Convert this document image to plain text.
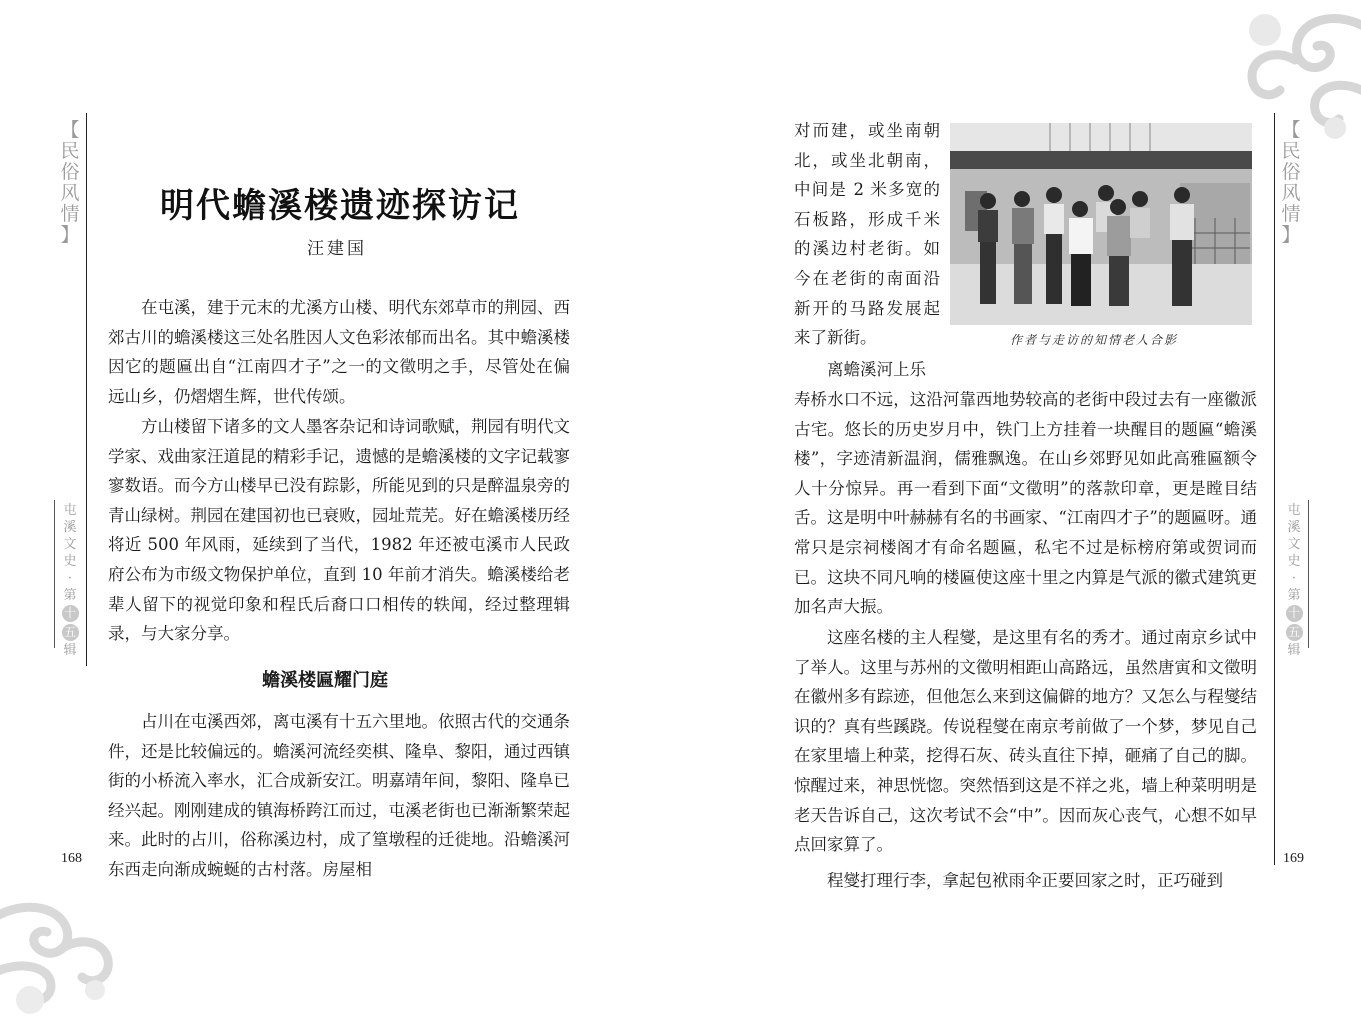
【
民
俗
风
情
】
屯
溪
文
史
·
第
十 五
辑
明代蟾溪楼遗迹探访记
汪建国

在屯溪，建于元末的尤溪方山楼、明代东郊草市的荆园、西郊古川的蟾溪楼这三处名胜因人文色彩浓郁而出名。其中蟾溪楼因它的题匾出自“江南四才子”之一的文徵明之手，尽管处在偏远山乡，仍熠熠生辉，世代传颂。

方山楼留下诸多的文人墨客杂记和诗词歌赋，荆园有明代文学家、戏曲家汪道昆的精彩手记，遗憾的是蟾溪楼的文字记载寥寥数语。而今方山楼早已没有踪影，所能见到的只是醉温泉旁的青山绿树。荆园在建国初也已衰败，园址荒芜。好在蟾溪楼历经将近 500 年风雨，延续到了当代，1982 年还被屯溪市人民政府公布为市级文物保护单位，直到 10 年前才消失。蟾溪楼给老辈人留下的视觉印象和程氏后裔口口相传的轶闻，经过整理辑录，与大家分享。

蟾溪楼匾耀门庭

占川在屯溪西郊，离屯溪有十五六里地。依照古代的交通条件，还是比较偏远的。蟾溪河流经奕棋、隆阜、黎阳，通过西镇街的小桥流入率水，汇合成新安江。明嘉靖年间，黎阳、隆阜已经兴起。刚刚建成的镇海桥跨江而过，屯溪老街也已渐渐繁荣起来。此时的占川，俗称溪边村，成了篁墩程的迁徙地。沿蟾溪河东西走向渐成蜿蜒的古村落。房屋相

168
作者与走访的知情老人合影

对而建，或坐南朝北，或坐北朝南，中间是 2 米多宽的石板路，形成千米的溪边村老街。如今在老街的南面沿新开的马路发展起来了新街。

离蟾溪河上乐

寿桥水口不远，这沿河靠西地势较高的老街中段过去有一座徽派古宅。悠长的历史岁月中，铁门上方挂着一块醒目的题匾“蟾溪楼”，字迹清新温润，儒雅飘逸。在山乡郊野见如此高雅匾额令人十分惊异。再一看到下面“文徵明”的落款印章，更是瞠目结舌。这是明中叶赫赫有名的书画家、“江南四才子”的题匾呀。通常只是宗祠楼阁才有命名题匾，私宅不过是标榜府第或贺词而已。这块不同凡响的楼匾使这座十里之内算是气派的徽式建筑更加名声大振。

这座名楼的主人程燮，是这里有名的秀才。通过南京乡试中了举人。这里与苏州的文徵明相距山高路远，虽然唐寅和文徵明在徽州多有踪迹，但他怎么来到这偏僻的地方？又怎么与程燮结识的？真有些蹊跷。传说程燮在南京考前做了一个梦，梦见自己在家里墙上种菜，挖得石灰、砖头直往下掉，砸痛了自己的脚。惊醒过来，神思恍惚。突然悟到这是不祥之兆，墙上种菜明明是老天告诉自己，这次考试不会“中”。因而灰心丧气，心想不如早点回家算了。

程燮打理行李，拿起包袱雨伞正要回家之时，正巧碰到

【
民
俗
风
情
】
屯
溪
文
史
·
第
十 五
辑
169
